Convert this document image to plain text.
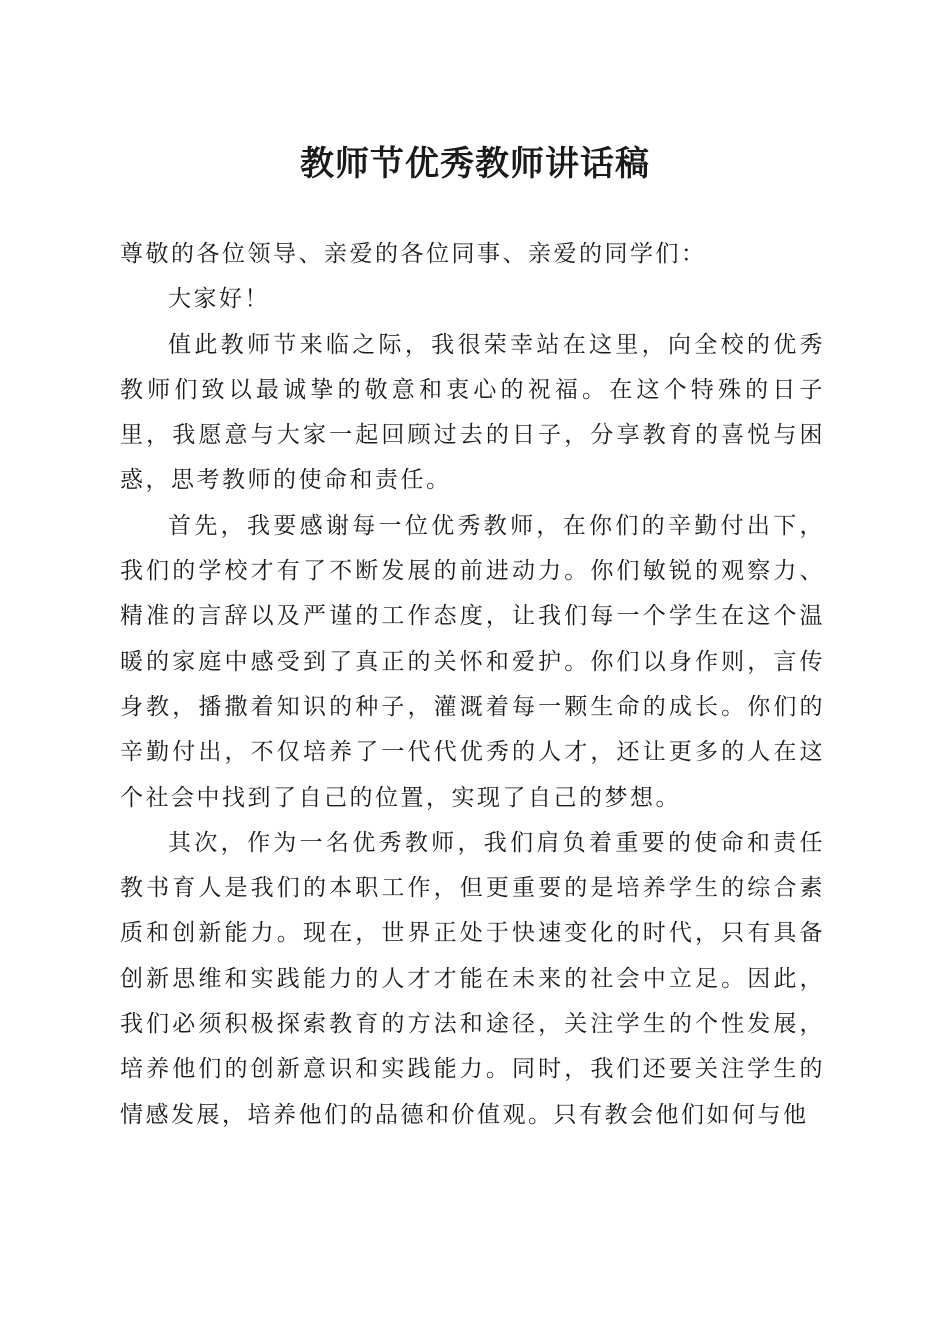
教师节优秀教师讲话稿

尊敬的各位领导、亲爱的各位同事、亲爱的同学们：

大家好！

值此教师节来临之际，我很荣幸站在这里，向全校的优秀教师们致以最诚挚的敬意和衷心的祝福。在这个特殊的日子里，我愿意与大家一起回顾过去的日子，分享教育的喜悦与困惑，思考教师的使命和责任。

首先，我要感谢每一位优秀教师，在你们的辛勤付出下，我们的学校才有了不断发展的前进动力。你们敏锐的观察力、精准的言辞以及严谨的工作态度，让我们每一个学生在这个温暖的家庭中感受到了真正的关怀和爱护。你们以身作则，言传身教，播撒着知识的种子，灌溉着每一颗生命的成长。你们的辛勤付出，不仅培养了一代代优秀的人才，还让更多的人在这个社会中找到了自己的位置，实现了自己的梦想。

其次，作为一名优秀教师，我们肩负着重要的使命和责任教书育人是我们的本职工作，但更重要的是培养学生的综合素质和创新能力。现在，世界正处于快速变化的时代，只有具备创新思维和实践能力的人才才能在未来的社会中立足。因此，我们必须积极探索教育的方法和途径，关注学生的个性发展，培养他们的创新意识和实践能力。同时，我们还要关注学生的情感发展，培养他们的品德和价值观。只有教会他们如何与他
